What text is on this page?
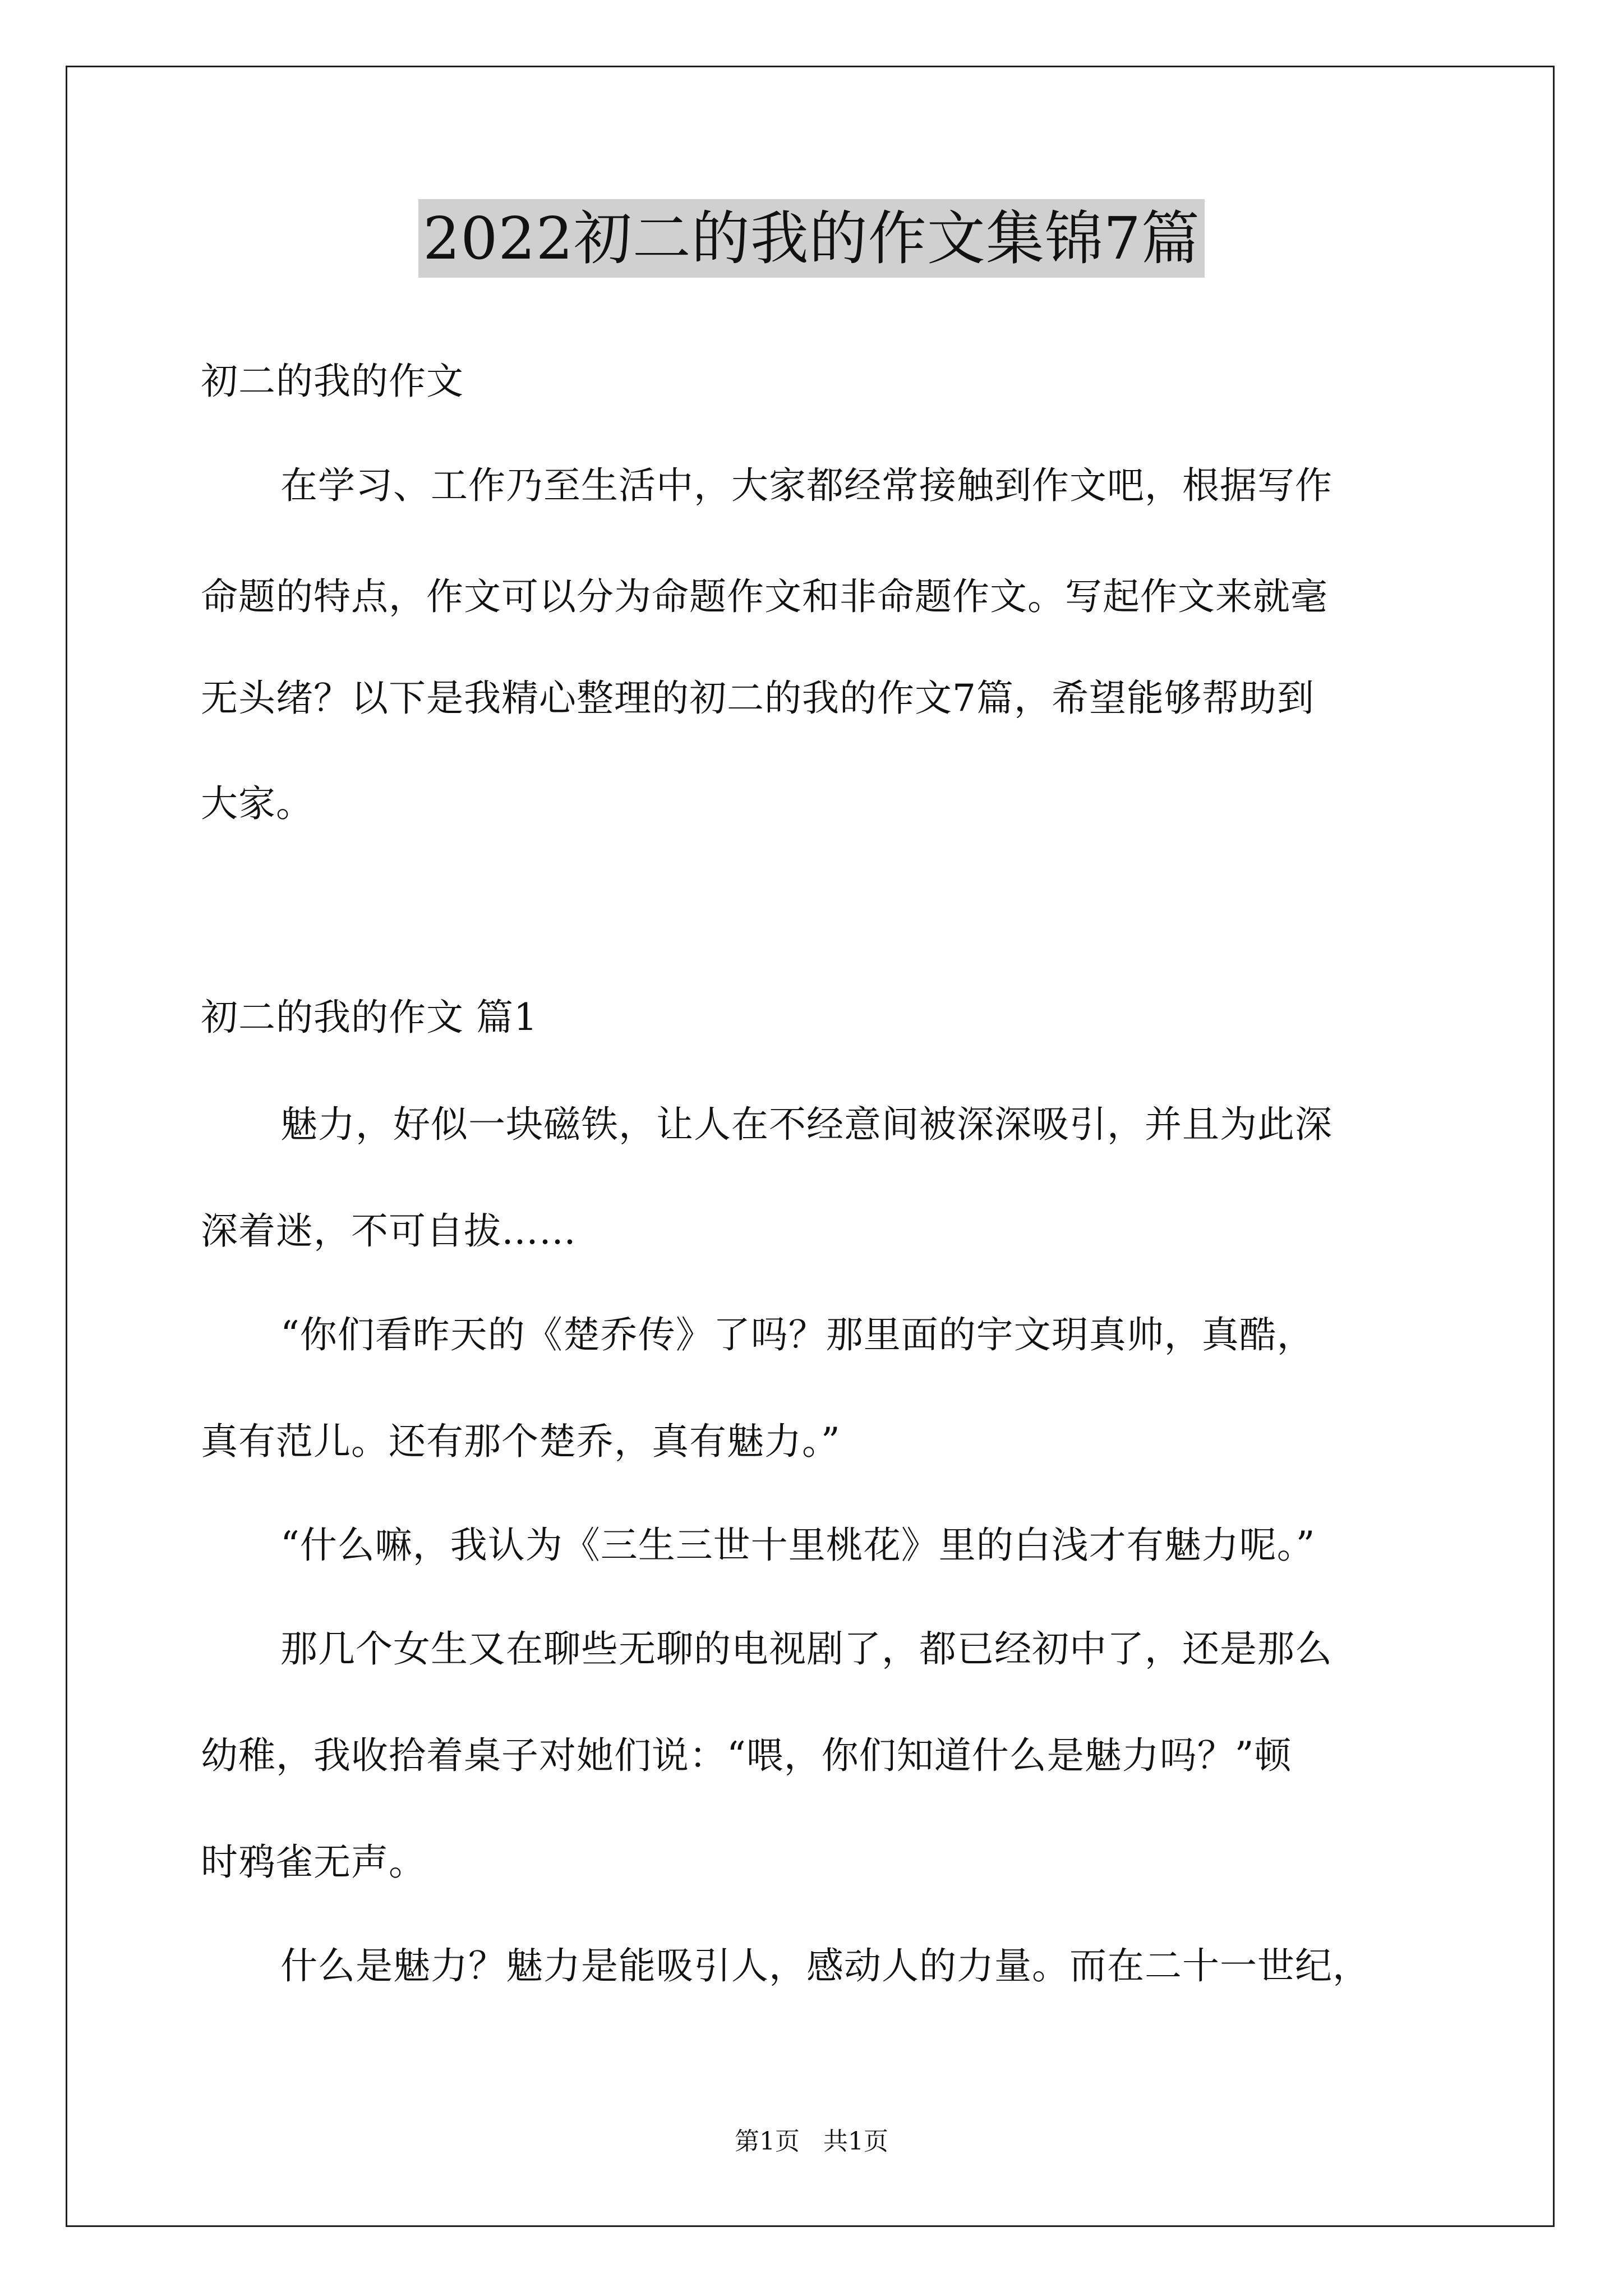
2022初二的我的作文集锦7篇
初二的我的作文
在学习、工作乃至生活中，大家都经常接触到作文吧，根据写作
命题的特点，作文可以分为命题作文和非命题作文。写起作文来就毫
无头绪？以下是我精心整理的初二的我的作文7篇，希望能够帮助到
大家。
初二的我的作文 篇1
魅力，好似一块磁铁，让人在不经意间被深深吸引，并且为此深
深着迷，不可自拔……
“你们看昨天的《楚乔传》了吗？那里面的宇文玥真帅，真酷，
真有范儿。还有那个楚乔，真有魅力。”
“什么嘛，我认为《三生三世十里桃花》里的白浅才有魅力呢。”
那几个女生又在聊些无聊的电视剧了，都已经初中了，还是那么
幼稚，我收拾着桌子对她们说：“喂，你们知道什么是魅力吗？”顿
时鸦雀无声。
什么是魅力？魅力是能吸引人，感动人的力量。而在二十一世纪，
第1页   共1页
